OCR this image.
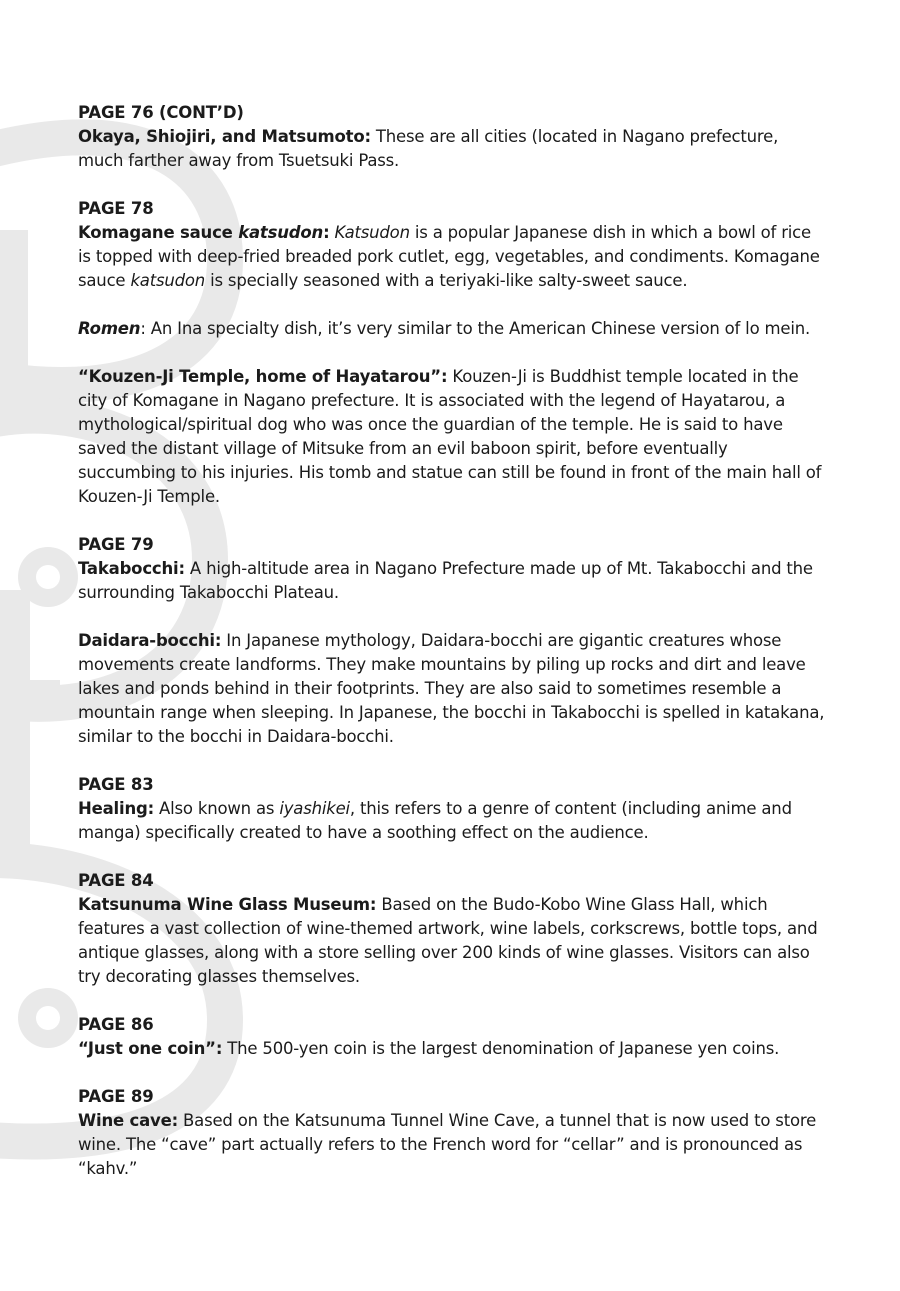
PAGE 76 (CONT’D)

Okaya, Shiojiri, and Matsumoto: These are all cities (located in Nagano prefecture, much farther away from Tsuetsuki Pass.

PAGE 78

Komagane sauce katsudon: Katsudon is a popular Japanese dish in which a bowl of rice is topped with deep-fried breaded pork cutlet, egg, vegetables, and condiments. Komagane sauce katsudon is specially seasoned with a teriyaki-like salty-sweet sauce.

Romen: An Ina specialty dish, it’s very similar to the American Chinese version of lo mein.

“Kouzen-Ji Temple, home of Hayatarou”: Kouzen-Ji is Buddhist temple located in the city of Komagane in Nagano prefecture. It is associated with the legend of Hayatarou, a mythological/spiritual dog who was once the guardian of the temple. He is said to have saved the distant village of Mitsuke from an evil baboon spirit, before eventually succumbing to his injuries. His tomb and statue can still be found in front of the main hall of Kouzen-Ji Temple.

PAGE 79

Takabocchi: A high-altitude area in Nagano Prefecture made up of Mt. Takabocchi and the surrounding Takabocchi Plateau.

Daidara-bocchi: In Japanese mythology, Daidara-bocchi are gigantic creatures whose movements create landforms. They make mountains by piling up rocks and dirt and leave lakes and ponds behind in their footprints. They are also said to sometimes resemble a mountain range when sleeping. In Japanese, the bocchi in Takabocchi is spelled in katakana, similar to the bocchi in Daidara-bocchi.

PAGE 83

Healing: Also known as iyashikei, this refers to a genre of content (including anime and manga) specifically created to have a soothing effect on the audience.

PAGE 84

Katsunuma Wine Glass Museum: Based on the Budo-Kobo Wine Glass Hall, which features a vast collection of wine-themed artwork, wine labels, corkscrews, bottle tops, and antique glasses, along with a store selling over 200 kinds of wine glasses. Visitors can also try decorating glasses themselves.

PAGE 86

“Just one coin”: The 500-yen coin is the largest denomination of Japanese yen coins.

PAGE 89

Wine cave: Based on the Katsunuma Tunnel Wine Cave, a tunnel that is now used to store wine. The “cave” part actually refers to the French word for “cellar” and is pronounced as “kahv.”
